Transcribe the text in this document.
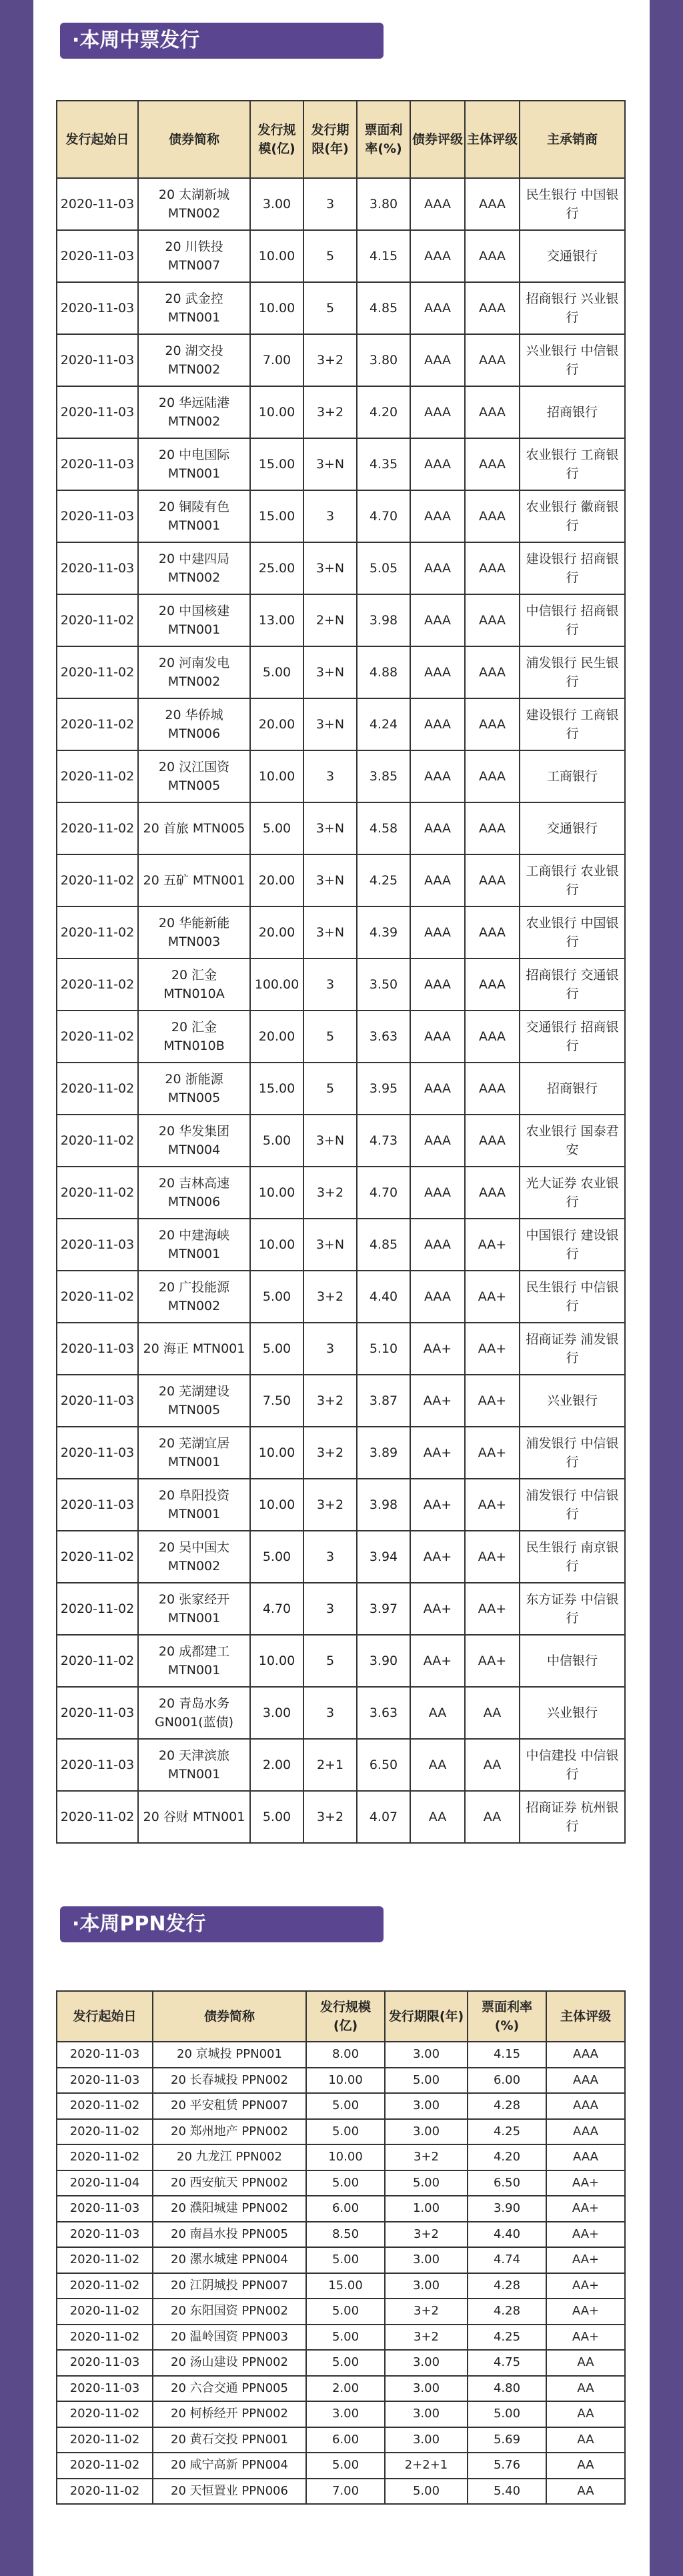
·本周中票发行
发行起始日	债券简称	发行规模(亿)	发行期限(年)	票面利率(%)	债券评级	主体评级	主承销商
2020-11-03	20 太湖新城 MTN002	3.00	3	3.80	AAA	AAA	民生银行 中国银行
2020-11-03	20 川铁投 MTN007	10.00	5	4.15	AAA	AAA	交通银行
2020-11-03	20 武金控 MTN001	10.00	5	4.85	AAA	AAA	招商银行 兴业银行
2020-11-03	20 湖交投 MTN002	7.00	3+2	3.80	AAA	AAA	兴业银行 中信银行
2020-11-03	20 华远陆港 MTN002	10.00	3+2	4.20	AAA	AAA	招商银行
2020-11-03	20 中电国际 MTN001	15.00	3+N	4.35	AAA	AAA	农业银行 工商银行
2020-11-03	20 铜陵有色 MTN001	15.00	3	4.70	AAA	AAA	农业银行 徽商银行
2020-11-03	20 中建四局 MTN002	25.00	3+N	5.05	AAA	AAA	建设银行 招商银行
2020-11-02	20 中国核建 MTN001	13.00	2+N	3.98	AAA	AAA	中信银行 招商银行
2020-11-02	20 河南发电 MTN002	5.00	3+N	4.88	AAA	AAA	浦发银行 民生银行
2020-11-02	20 华侨城 MTN006	20.00	3+N	4.24	AAA	AAA	建设银行 工商银行
2020-11-02	20 汉江国资 MTN005	10.00	3	3.85	AAA	AAA	工商银行
2020-11-02	20 首旅 MTN005	5.00	3+N	4.58	AAA	AAA	交通银行
2020-11-02	20 五矿 MTN001	20.00	3+N	4.25	AAA	AAA	工商银行 农业银行
2020-11-02	20 华能新能 MTN003	20.00	3+N	4.39	AAA	AAA	农业银行 中国银行
2020-11-02	20 汇金 MTN010A	100.00	3	3.50	AAA	AAA	招商银行 交通银行
2020-11-02	20 汇金 MTN010B	20.00	5	3.63	AAA	AAA	交通银行 招商银行
2020-11-02	20 浙能源 MTN005	15.00	5	3.95	AAA	AAA	招商银行
2020-11-02	20 华发集团 MTN004	5.00	3+N	4.73	AAA	AAA	农业银行 国泰君安
2020-11-02	20 吉林高速 MTN006	10.00	3+2	4.70	AAA	AAA	光大证券 农业银行
2020-11-03	20 中建海峡 MTN001	10.00	3+N	4.85	AAA	AA+	中国银行 建设银行
2020-11-02	20 广投能源 MTN002	5.00	3+2	4.40	AAA	AA+	民生银行 中信银行
2020-11-03	20 海正 MTN001	5.00	3	5.10	AA+	AA+	招商证券 浦发银行
2020-11-03	20 芜湖建设 MTN005	7.50	3+2	3.87	AA+	AA+	兴业银行
2020-11-03	20 芜湖宜居 MTN001	10.00	3+2	3.89	AA+	AA+	浦发银行 中信银行
2020-11-03	20 阜阳投资 MTN001	10.00	3+2	3.98	AA+	AA+	浦发银行 中信银行
2020-11-02	20 吴中国太 MTN002	5.00	3	3.94	AA+	AA+	民生银行 南京银行
2020-11-02	20 张家经开 MTN001	4.70	3	3.97	AA+	AA+	东方证券 中信银行
2020-11-02	20 成都建工 MTN001	10.00	5	3.90	AA+	AA+	中信银行
2020-11-03	20 青岛水务 GN001(蓝债)	3.00	3	3.63	AA	AA	兴业银行
2020-11-03	20 天津滨旅 MTN001	2.00	2+1	6.50	AA	AA	中信建投 中信银行
2020-11-02	20 谷财 MTN001	5.00	3+2	4.07	AA	AA	招商证券 杭州银行
·本周PPN发行
发行起始日	债券简称	发行规模(亿)	发行期限(年)	票面利率(%)	主体评级
2020-11-03	20 京城投 PPN001	8.00	3.00	4.15	AAA
2020-11-03	20 长春城投 PPN002	10.00	5.00	6.00	AAA
2020-11-02	20 平安租赁 PPN007	5.00	3.00	4.28	AAA
2020-11-02	20 郑州地产 PPN002	5.00	3.00	4.25	AAA
2020-11-02	20 九龙江 PPN002	10.00	3+2	4.20	AAA
2020-11-04	20 西安航天 PPN002	5.00	5.00	6.50	AA+
2020-11-03	20 濮阳城建 PPN002	6.00	1.00	3.90	AA+
2020-11-03	20 南昌水投 PPN005	8.50	3+2	4.40	AA+
2020-11-02	20 漯水城建 PPN004	5.00	3.00	4.74	AA+
2020-11-02	20 江阴城投 PPN007	15.00	3.00	4.28	AA+
2020-11-02	20 东阳国资 PPN002	5.00	3+2	4.28	AA+
2020-11-02	20 温岭国资 PPN003	5.00	3+2	4.25	AA+
2020-11-03	20 汤山建设 PPN002	5.00	3.00	4.75	AA
2020-11-03	20 六合交通 PPN005	2.00	3.00	4.80	AA
2020-11-02	20 柯桥经开 PPN002	3.00	3.00	5.00	AA
2020-11-02	20 黄石交投 PPN001	6.00	3.00	5.69	AA
2020-11-02	20 咸宁高新 PPN004	5.00	2+2+1	5.76	AA
2020-11-02	20 天恒置业 PPN006	7.00	5.00	5.40	AA
